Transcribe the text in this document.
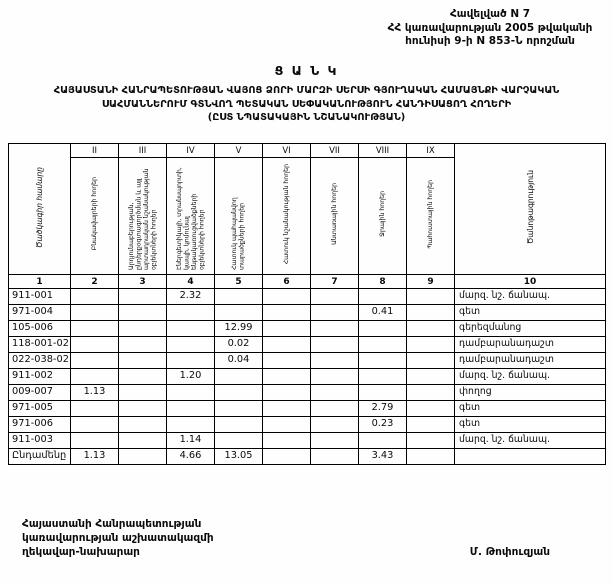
Հավելված N 7
ՀՀ կառավարության 2005 թվականի
հունիսի 9-ի N 853-Ն որոշման
Ց Ա Ն Կ
ՀԱՅԱՍՏԱՆԻ ՀԱՆՐԱՊԵՏՈՒԹՅԱՆ ՎԱՅՈՑ ՁՈՐԻ ՄԱՐԶԻ ՍԵՐՍԻ ԳՅՈՒՂԱԿԱՆ ՀԱՄԱՅՆՔԻ ՎԱՐՉԱԿԱՆ
ՍԱՀՄԱՆՆԵՐՈՒՄ ԳՏՆՎՈՂ ՊԵՏԱԿԱՆ ՍԵՓԱԿԱՆՈՒԹՅՈՒՆ ՀԱՆԴԻՍԱՑՈՂ ՀՈՂԵՐԻ
(ԸՍՏ ՆՊԱՏԱԿԱՅԻՆ ՆՇԱՆԱԿՈՒԹՅԱՆ)
Ծածկագիր համարը	II	III	IV	V	VI	VII	VIII	IX	Ծանոթագրություն
	Բնակավայրերի հողեր	Արդյունաբերության, ընդերքօգտագործման և այլ արտադրական նշանակության օբյեկտների հողեր	Էներգետիկայի, տրանսպորտի, կապի, կոմունալ ենթակառուցվածքների օբյեկտների հողեր	Հատուկ պահպանվող տարածքների հողեր	Հատուկ նշանակության հողեր	Անտառային հողեր	Ջրային հողեր	Պահուստային հողեր	
1	2	3	4	5	6	7	8	9	10
911-001			2.32						մարզ. նշ. ճանապ.
971-004							0.41		գետ
105-006				12.99					գերեզմանոց
118-001-02				0.02					դամբարանադաշտ
022-038-02				0.04					դամբարանադաշտ
911-002			1.20						մարզ. նշ. ճանապ.
009-007	1.13								փողոց
971-005							2.79		գետ
971-006							0.23		գետ
911-003			1.14						մարզ. նշ. ճանապ.
Ընդամենը	1.13		4.66	13.05			3.43		
Հայաստանի Հանրապետության
կառավարության աշխատակազմի
ղեկավար-նախարար	Մ. Թոփուզյան
